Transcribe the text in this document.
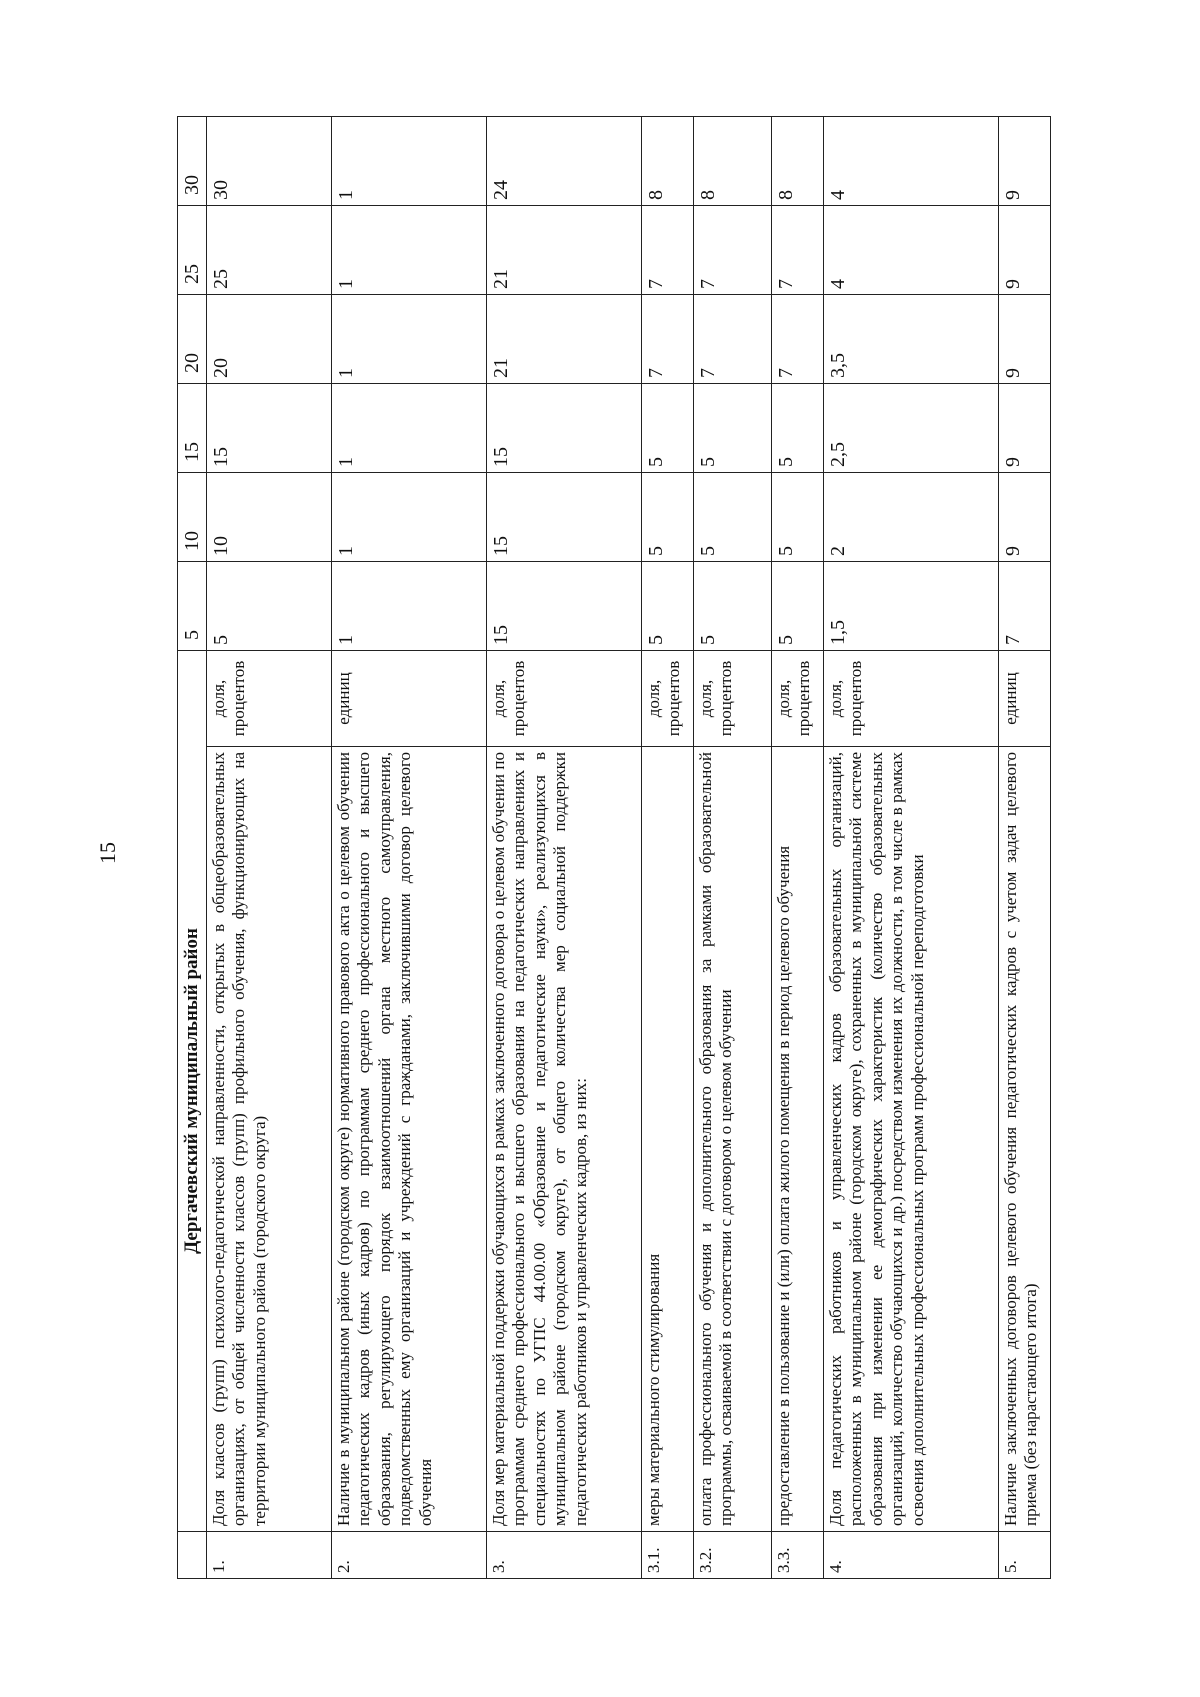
15
	Дергачевский муниципальный район		5	10	15	20	25	30
1.	Доля классов (групп) психолого-педагогической направленности, открытых в общеобразовательных организациях, от общей численности классов (групп) профильного обучения, функционирующих на территории муниципального района (городского округа)	доля, процентов	5	10	15	20	25	30
2.	Наличие в муниципальном районе (городском округе) нормативного правового акта о целевом обучении педагогических кадров (иных кадров) по программам среднего профессионального и высшего образования, регулирующего порядок взаимоотношений органа местного самоуправления, подведомственных ему организаций и учреждений с гражданами, заключившими договор целевого обучения	единиц	1	1	1	1	1	1
3.	Доля мер материальной поддержки обучающихся в рамках заключенного договора о целевом обучении по программам среднего профессионального и высшего образования на педагогических направлениях и специальностях по УГПС 44.00.00 «Образование и педагогические науки», реализующихся в муниципальном районе (городском округе), от общего количества мер социальной поддержки педагогических работников и управленческих кадров, из них:	доля, процентов	15	15	15	21	21	24
3.1.	меры материального стимулирования	доля, процентов	5	5	5	7	7	8
3.2.	оплата профессионального обучения и дополнительного образования за рамками образовательной программы, осваиваемой в соответствии с договором о целевом обучении	доля, процентов	5	5	5	7	7	8
3.3.	предоставление в пользование и (или) оплата жилого помещения в период целевого обучения	доля, процентов	5	5	5	7	7	8
4.	Доля педагогических работников и управленческих кадров образовательных организаций, расположенных в муниципальном районе (городском округе), сохраненных в муниципальной системе образования при изменении ее демографических характеристик (количество образовательных организаций, количество обучающихся и др.) посредством изменения их должности, в том числе в рамках освоения дополнительных профессиональных программ профессиональной переподготовки	доля, процентов	1,5	2	2,5	3,5	4	4
5.	Наличие заключенных договоров целевого обучения педагогических кадров с учетом задач целевого приема (без нарастающего итога)	единиц	7	9	9	9	9	9
